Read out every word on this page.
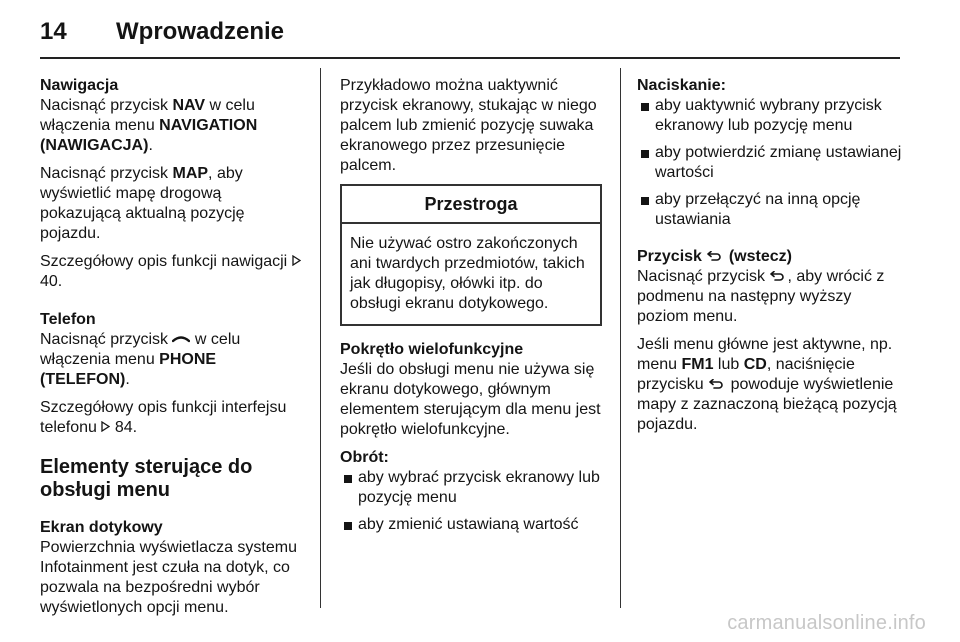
14 Wprowadzenie
Nawigacja

Nacisnąć przycisk NAV w celu włączenia menu NAVIGATION (NAWIGACJA).

Nacisnąć przycisk MAP, aby wyświetlić mapę drogową pokazującą aktualną pozycję pojazdu.

Szczegółowy opis funkcji nawigacji  40.

Telefon

Nacisnąć przycisk  w celu włączenia menu PHONE (TELEFON).

Szczegółowy opis funkcji interfejsu telefonu  84.

Elementy sterujące do obsługi menu
Ekran dotykowy

Powierzchnia wyświetlacza systemu Infotainment jest czuła na dotyk, co pozwala na bezpośredni wybór wyświetlonych opcji menu.

Przykładowo można uaktywnić przycisk ekranowy, stukając w niego palcem lub zmienić pozycję suwaka ekranowego przez przesunięcie palcem.

Przestroga
Nie używać ostro zakończonych ani twardych przedmiotów, takich jak długopisy, ołówki itp. do obsługi ekranu dotykowego.
Pokrętło wielofunkcyjne

Jeśli do obsługi menu nie używa się ekranu dotykowego, głównym elementem sterującym dla menu jest pokrętło wielofunkcyjne.

Obrót:
aby wybrać przycisk ekranowy lub pozycję menu
aby zmienić ustawianą wartość
Naciskanie:
aby uaktywnić wybrany przycisk ekranowy lub pozycję menu
aby potwierdzić zmianę ustawianej wartości
aby przełączyć na inną opcję ustawiania
Przycisk  (wstecz)

Nacisnąć przycisk , aby wrócić z podmenu na następny wyższy poziom menu.

Jeśli menu główne jest aktywne, np. menu FM1 lub CD, naciśnięcie przycisku  powoduje wyświetlenie mapy z zaznaczoną bieżącą pozycją pojazdu.

carmanualsonline.info
